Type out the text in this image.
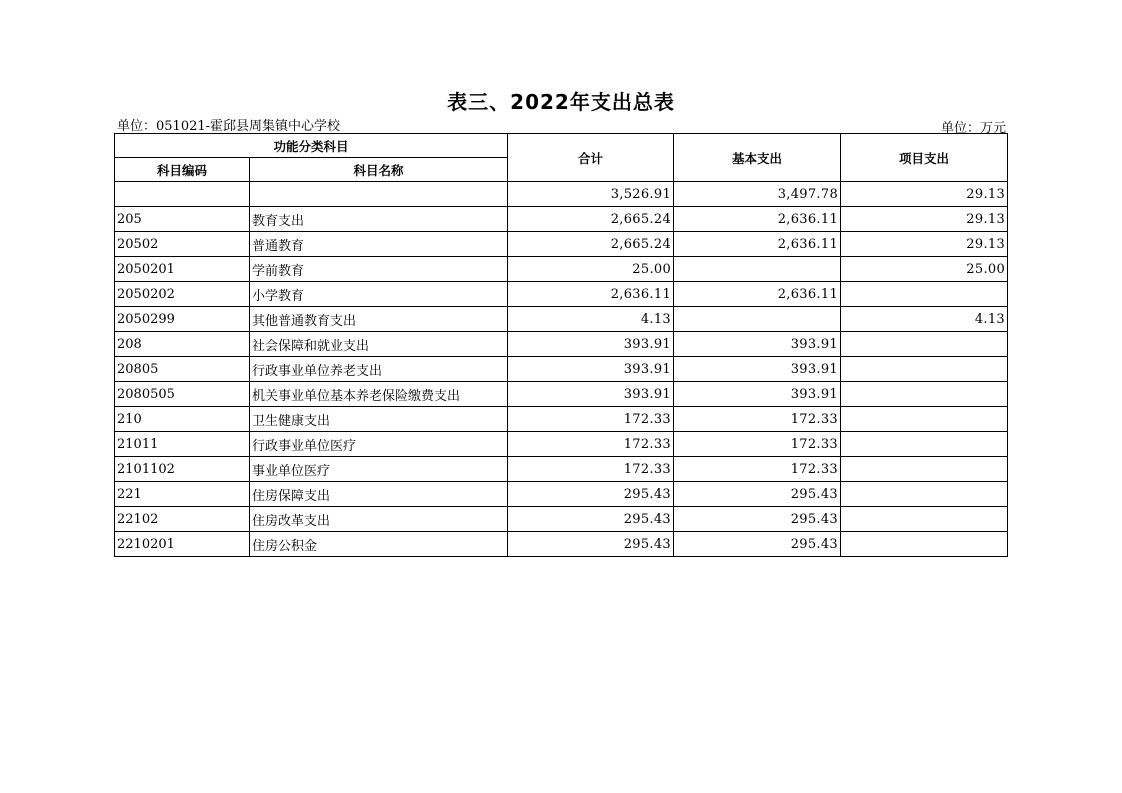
表三、2022年支出总表
单位：051021-霍邱县周集镇中心学校	单位：万元
功能分类科目		合计	基本支出	项目支出
科目编码	科目名称			
		3,526.91	3,497.78	29.13
205	教育支出	2,665.24	2,636.11	29.13
20502	普通教育	2,665.24	2,636.11	29.13
2050201	学前教育	25.00		25.00
2050202	小学教育	2,636.11	2,636.11	
2050299	其他普通教育支出	4.13		4.13
208	社会保障和就业支出	393.91	393.91	
20805	行政事业单位养老支出	393.91	393.91	
2080505	机关事业单位基本养老保险缴费支出	393.91	393.91	
210	卫生健康支出	172.33	172.33	
21011	行政事业单位医疗	172.33	172.33	
2101102	事业单位医疗	172.33	172.33	
221	住房保障支出	295.43	295.43	
22102	住房改革支出	295.43	295.43	
2210201	住房公积金	295.43	295.43	
